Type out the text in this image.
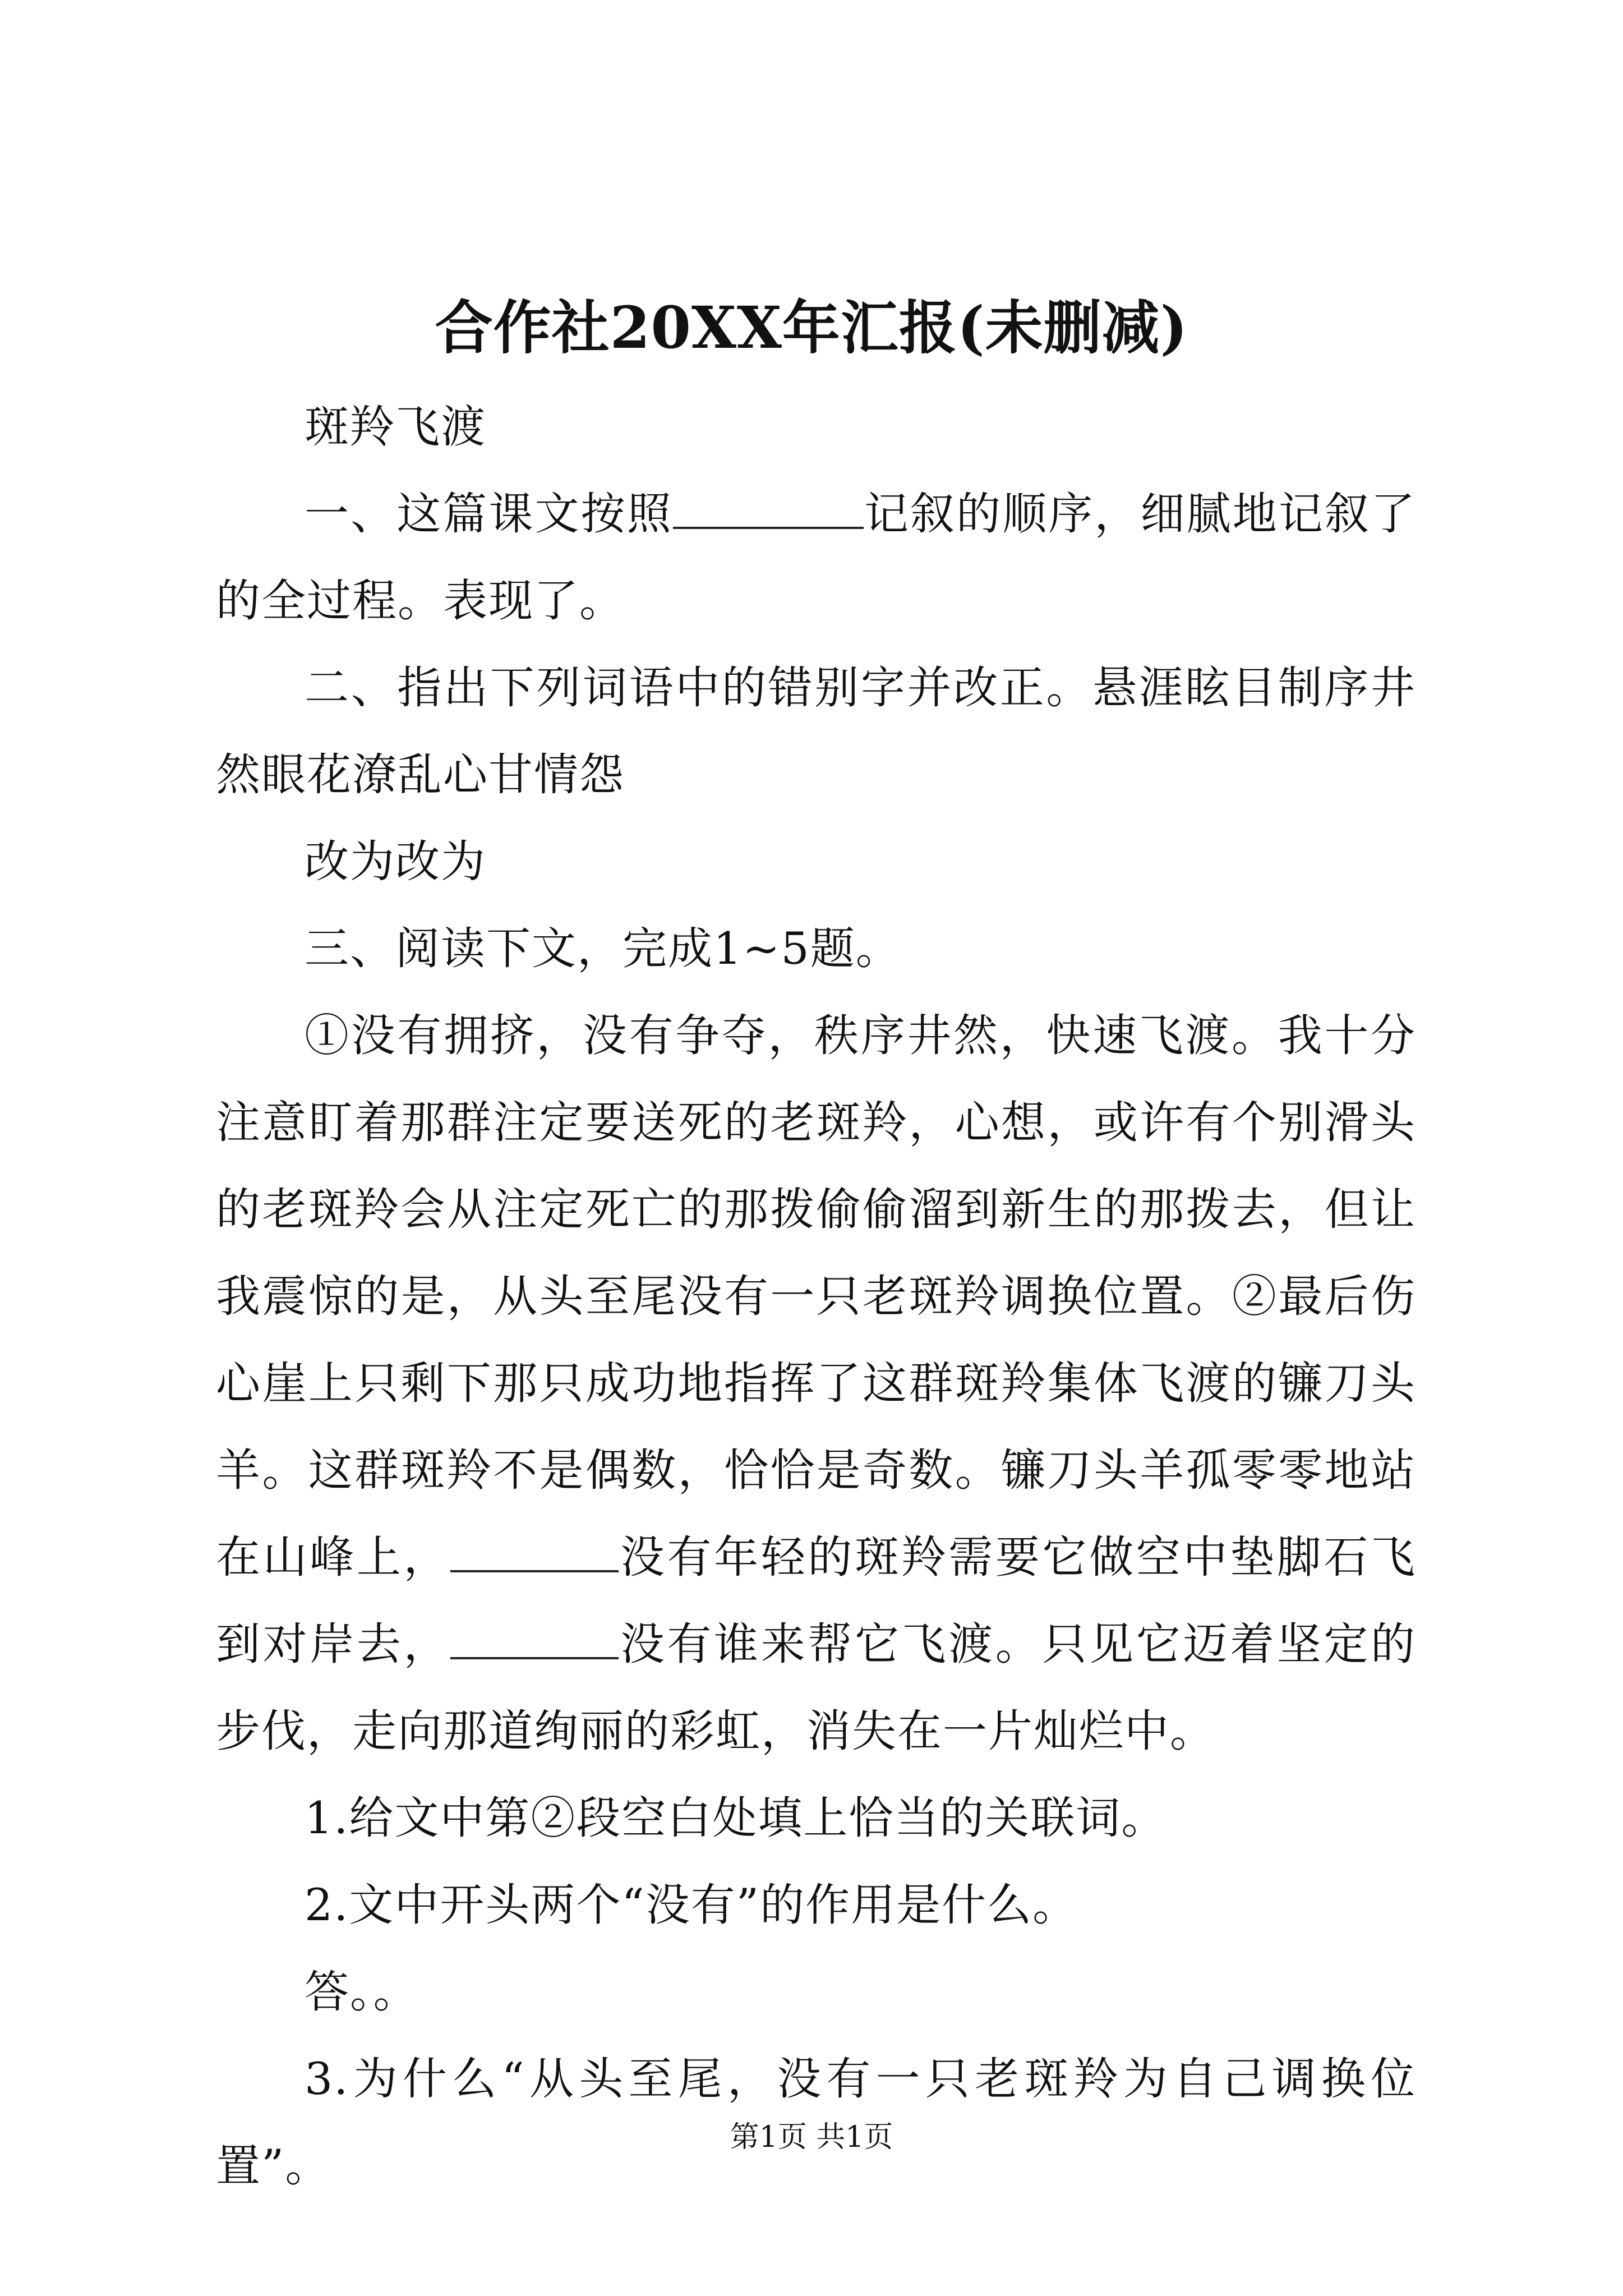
合作社20XX年汇报(未删减)

斑羚飞渡

一、这篇课文按照	记叙的顺序，细腻地记叙了的全过程。表现了。

二、指出下列词语中的错别字并改正。悬涯眩目制序井然眼花潦乱心甘情怨

改为改为

三、阅读下文，完成1~5题。

①没有拥挤，没有争夺，秩序井然，快速飞渡。我十分注意盯着那群注定要送死的老斑羚，心想，或许有个别滑头的老斑羚会从注定死亡的那拨偷偷溜到新生的那拨去，但让我震惊的是，从头至尾没有一只老斑羚调换位置。②最后伤心崖上只剩下那只成功地指挥了这群斑羚集体飞渡的镰刀头羊。这群斑羚不是偶数，恰恰是奇数。镰刀头羊孤零零地站在山峰上，	没有年轻的斑羚需要它做空中垫脚石飞到对岸去，	没有谁来帮它飞渡。只见它迈着坚定的步伐，走向那道绚丽的彩虹，消失在一片灿烂中。

1.给文中第②段空白处填上恰当的关联词。

2.文中开头两个“没有”的作用是什么。

答。。

3.为什么“从头至尾，没有一只老斑羚为自己调换位置”。

第1页 共1页
